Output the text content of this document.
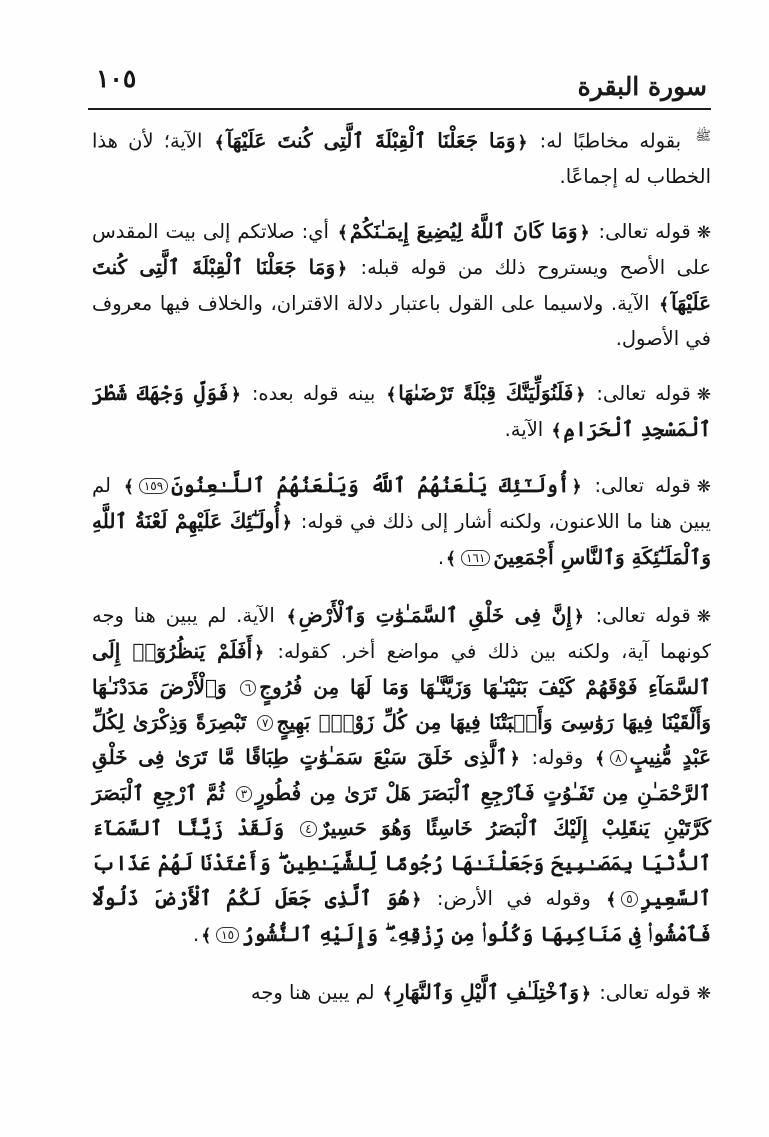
سورة البقرة
١٠٥

$^ﷺ$ بقوله مخاطبًا له: ﴿وَمَا جَعَلْنَا ٱلْقِبْلَةَ ٱلَّتِى كُنتَ عَلَيْهَآ﴾ الآية؛ لأن هذا الخطاب له إجماعًا.

❋قوله تعالى: ﴿وَمَا كَانَ ٱللَّهُ لِيُضِيعَ إِيمَـٰنَكُمْ﴾ أي: صلاتكم إلى بيت المقدس على الأصح ويستروح ذلك من قوله قبله: ﴿وَمَا جَعَلْنَا ٱلْقِبْلَةَ ٱلَّتِى كُنتَ عَلَيْهَآ﴾ الآية. ولاسيما على القول باعتبار دلالة الاقتران، والخلاف فيها معروف في الأصول.

❋قوله تعالى: ﴿فَلَنُوَلِّيَنَّكَ قِبْلَةً تَرْضَىٰهَا﴾ بينه قوله بعده: ﴿فَوَلِّ وَجْهَكَ شَطْرَ ٱلْمَسْجِدِ ٱلْحَرَامِ﴾ الآية.

❋قوله تعالى: ﴿أُولَـٰٓئِكَ يَلْعَنُهُمُ ٱللَّهُ وَيَلْعَنُهُمُ ٱللَّـٰعِنُونَ١٥٩﴾ لم يبين هنا ما اللاعنون، ولكنه أشار إلى ذلك في قوله: ﴿أُولَـٰٓئِكَ عَلَيْهِمْ لَعْنَةُ ٱللَّهِ وَٱلْمَلَـٰٓئِكَةِ وَٱلنَّاسِ أَجْمَعِينَ١٦١﴾.

❋قوله تعالى: ﴿إِنَّ فِى خَلْقِ ٱلسَّمَـٰوَٰتِ وَٱلْأَرْضِ﴾ الآية. لم يبين هنا وجه كونهما آية، ولكنه بين ذلك في مواضع أخر. كقوله: ﴿أَفَلَمْ يَنظُرُوٓا۟ إِلَى ٱلسَّمَآءِ فَوْقَهُمْ كَيْفَ بَنَيْنَـٰهَا وَزَيَّنَّـٰهَا وَمَا لَهَا مِن فُرُوجٍ٦ وَٱلْأَرْضَ مَدَدْنَـٰهَا وَأَلْقَيْنَا فِيهَا رَوَٰسِىَ وَأَنۢبَتْنَا فِيهَا مِن كُلِّ زَوْجٍۭ بَهِيجٍ٧ تَبْصِرَةً وَذِكْرَىٰ لِكُلِّ عَبْدٍ مُّنِيبٍ٨﴾ وقوله: ﴿ٱلَّذِى خَلَقَ سَبْعَ سَمَـٰوَٰتٍ طِبَاقًا مَّا تَرَىٰ فِى خَلْقِ ٱلرَّحْمَـٰنِ مِن تَفَـٰوُتٍ فَٱرْجِعِ ٱلْبَصَرَ هَلْ تَرَىٰ مِن فُطُورٍ٣ ثُمَّ ٱرْجِعِ ٱلْبَصَرَ كَرَّتَيْنِ يَنقَلِبْ إِلَيْكَ ٱلْبَصَرُ خَاسِئًا وَهُوَ حَسِيرٌ٤ وَلَقَدْ زَيَّنَّا ٱلسَّمَآءَ ٱلدُّنْيَا بِمَصَـٰبِيحَ وَجَعَلْنَـٰهَا رُجُومًا لِّلشَّيَـٰطِينِ ۖ وَأَعْتَدْنَا لَهُمْ عَذَابَ ٱلسَّعِيرِ٥﴾ وقوله في الأرض: ﴿هُوَ ٱلَّذِى جَعَلَ لَكُمُ ٱلْأَرْضَ ذَلُولًا فَٱمْشُوا۟ فِى مَنَاكِبِهَا وَكُلُوا۟ مِن رِّزْقِهِۦ ۖ وَإِلَيْهِ ٱلنُّشُورُ١٥﴾.

❋قوله تعالى: ﴿وَٱخْتِلَـٰفِ ٱلَّيْلِ وَٱلنَّهَارِ﴾ لم يبين هنا وجه
